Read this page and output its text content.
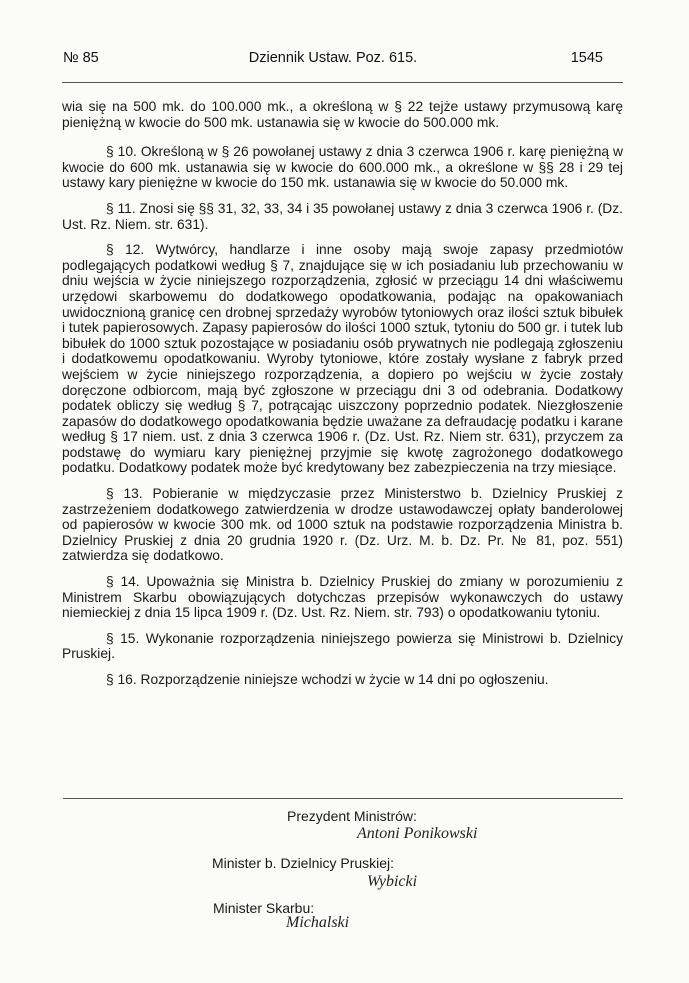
№ 85	Dziennik Ustaw. Poz. 615.	1545

wia się na 500 mk. do 100.000 mk., a określoną w § 22 tejże ustawy przymusową karę pieniężną w kwocie do 500 mk. ustanawia się w kwocie do 500.000 mk.

§ 10. Określoną w § 26 powołanej ustawy z dnia 3 czerwca 1906 r. karę pieniężną w kwocie do 600 mk. ustanawia się w kwocie do 600.000 mk., a określone w §§ 28 i 29 tej ustawy kary pieniężne w kwocie do 150 mk. ustanawia się w kwocie do 50.000 mk.

§ 11. Znosi się §§ 31, 32, 33, 34 i 35 powołanej ustawy z dnia 3 czerwca 1906 r. (Dz. Ust. Rz. Niem. str. 631).

§ 12. Wytwórcy, handlarze i inne osoby mają swoje zapasy przedmiotów podlegających podatkowi według § 7, znajdujące się w ich posiadaniu lub przechowaniu w dniu wejścia w życie niniejszego rozporządzenia, zgłosić w przeciągu 14 dni właściwemu urzędowi skarbowemu do dodatkowego opodatkowania, podając na opakowaniach uwidocznioną granicę cen drobnej sprzedaży wyrobów tytoniowych oraz ilości sztuk bibułek i tutek papierosowych. Zapasy papierosów do ilości 1000 sztuk, tytoniu do 500 gr. i tutek lub bibułek do 1000 sztuk pozostające w posiadaniu osób prywatnych nie podlegają zgłoszeniu i dodatkowemu opodatkowaniu. Wyroby tytoniowe, które zostały wysłane z fabryk przed wejściem w życie niniejszego rozporządzenia, a dopiero po wejściu w życie zostały doręczone odbiorcom, mają być zgłoszone w przeciągu dni 3 od odebrania. Dodatkowy podatek obliczy się według § 7, potrącając uiszczony poprzednio podatek. Niezgłoszenie zapasów do dodatkowego opodatkowania będzie uważane za defraudację podatku i karane według § 17 niem. ust. z dnia 3 czerwca 1906 r. (Dz. Ust. Rz. Niem str. 631), przyczem za podstawę do wymiaru kary pieniężnej przyjmie się kwotę zagrożonego dodatkowego podatku. Dodatkowy podatek może być kredytowany bez zabezpieczenia na trzy miesiące.

§ 13. Pobieranie w międzyczasie przez Ministerstwo b. Dzielnicy Pruskiej z zastrzeżeniem dodatkowego zatwierdzenia w drodze ustawodawczej opłaty banderolowej od papierosów w kwocie 300 mk. od 1000 sztuk na podstawie rozporządzenia Ministra b. Dzielnicy Pruskiej z dnia 20 grudnia 1920 r. (Dz. Urz. M. b. Dz. Pr. № 81, poz. 551) zatwierdza się dodatkowo.

§ 14. Upoważnia się Ministra b. Dzielnicy Pruskiej do zmiany w porozumieniu z Ministrem Skarbu obowiązujących dotychczas przepisów wykonawczych do ustawy niemieckiej z dnia 15 lipca 1909 r. (Dz. Ust. Rz. Niem. str. 793) o opodatkowaniu tytoniu.

§ 15. Wykonanie rozporządzenia niniejszego powierza się Ministrowi b. Dzielnicy Pruskiej.

§ 16. Rozporządzenie niniejsze wchodzi w życie w 14 dni po ogłoszeniu.

Prezydent Ministrów:
Antoni Ponikowski
Minister b. Dzielnicy Pruskiej:
Wybicki
Minister Skarbu:
Michalski
